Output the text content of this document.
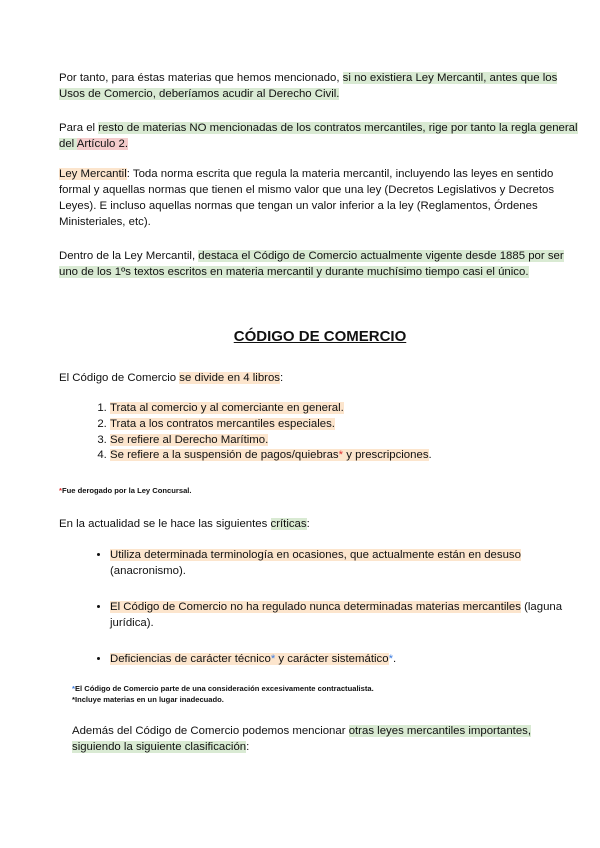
Por tanto, para éstas materias que hemos mencionado, si no existiera Ley Mercantil, antes que los Usos de Comercio, deberíamos acudir al Derecho Civil.

Para el resto de materias NO mencionadas de los contratos mercantiles, rige por tanto la regla general del Artículo 2.

Ley Mercantil: Toda norma escrita que regula la materia mercantil, incluyendo las leyes en sentido formal y aquellas normas que tienen el mismo valor que una ley (Decretos Legislativos y Decretos Leyes). E incluso aquellas normas que tengan un valor inferior a la ley (Reglamentos, Órdenes Ministeriales, etc).

Dentro de la Ley Mercantil, destaca el Código de Comercio actualmente vigente desde 1885 por ser uno de los 1ºs textos escritos en materia mercantil y durante muchísimo tiempo casi el único.

CÓDIGO DE COMERCIO

El Código de Comercio se divide en 4 libros:

1. Trata al comercio y al comerciante en general.
2. Trata a los contratos mercantiles especiales.
3. Se refiere al Derecho Marítimo.
4. Se refiere a la suspensión de pagos/quiebras* y prescripciones.
*Fue derogado por la Ley Concursal.

En la actualidad se le hace las siguientes críticas:

• Utiliza determinada terminología en ocasiones, que actualmente están en desuso (anacronismo).
• El Código de Comercio no ha regulado nunca determinadas materias mercantiles (laguna jurídica).
• Deficiencias de carácter técnico* y carácter sistemático*.
*El Código de Comercio parte de una consideración excesivamente contractualista.
*Incluye materias en un lugar inadecuado.

Además del Código de Comercio podemos mencionar otras leyes mercantiles importantes, siguiendo la siguiente clasificación:
